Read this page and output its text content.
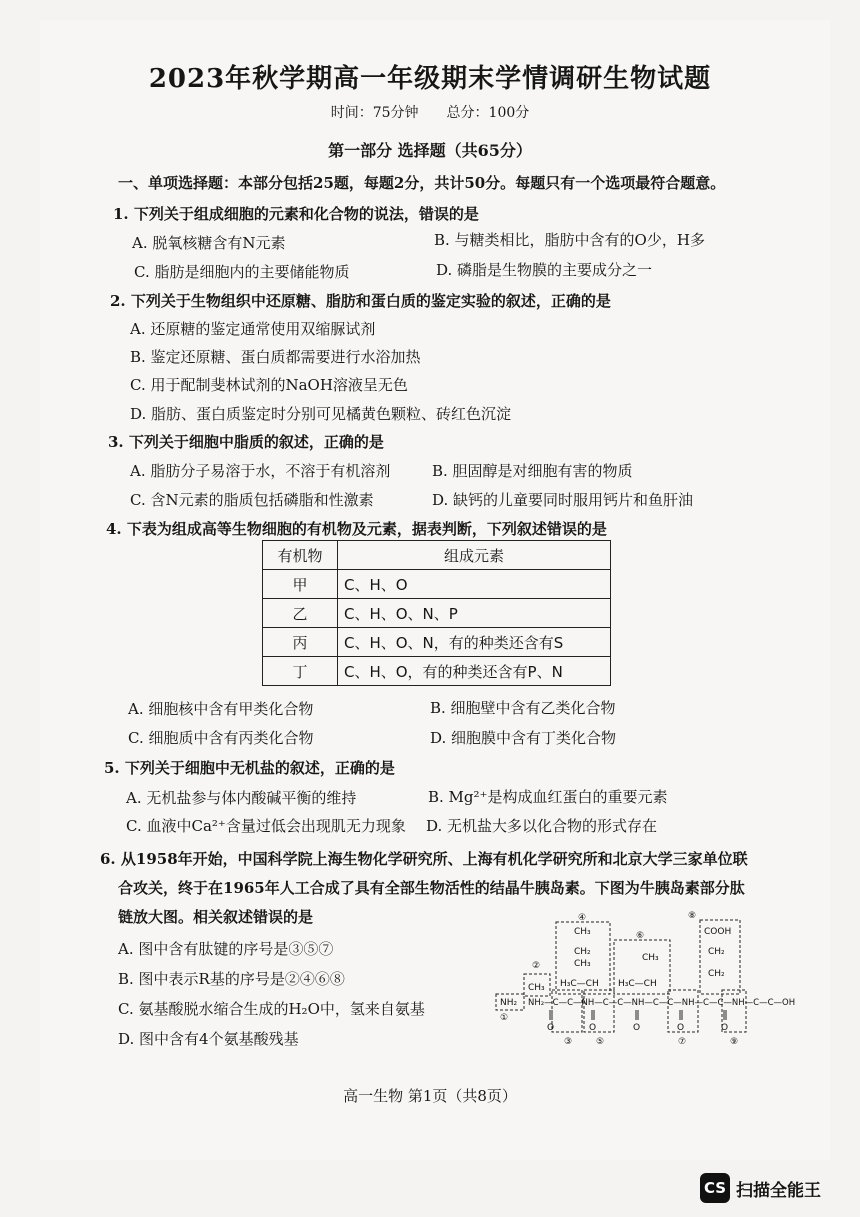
2023年秋学期高一年级期末学情调研生物试题
时间：75分钟　　总分：100分
第一部分 选择题（共65分）
一、单项选择题：本部分包括25题，每题2分，共计50分。每题只有一个选项最符合题意。
1. 下列关于组成细胞的元素和化合物的说法，错误的是
A. 脱氧核糖含有N元素	B. 与糖类相比，脂肪中含有的O少，H多
C. 脂肪是细胞内的主要储能物质	D. 磷脂是生物膜的主要成分之一
2. 下列关于生物组织中还原糖、脂肪和蛋白质的鉴定实验的叙述，正确的是
A. 还原糖的鉴定通常使用双缩脲试剂
B. 鉴定还原糖、蛋白质都需要进行水浴加热
C. 用于配制斐林试剂的NaOH溶液呈无色
D. 脂肪、蛋白质鉴定时分别可见橘黄色颗粒、砖红色沉淀
3. 下列关于细胞中脂质的叙述，正确的是
A. 脂肪分子易溶于水，不溶于有机溶剂	B. 胆固醇是对细胞有害的物质
C. 含N元素的脂质包括磷脂和性激素	D. 缺钙的儿童要同时服用钙片和鱼肝油
4. 下表为组成高等生物细胞的有机物及元素，据表判断，下列叙述错误的是
有机物	组成元素
甲	C、H、O
乙	C、H、O、N、P
丙	C、H、O、N，有的种类还含有S
丁	C、H、O，有的种类还含有P、N
A. 细胞核中含有甲类化合物	B. 细胞壁中含有乙类化合物
C. 细胞质中含有丙类化合物	D. 细胞膜中含有丁类化合物
5. 下列关于细胞中无机盐的叙述，正确的是
A. 无机盐参与体内酸碱平衡的维持	B. Mg²⁺是构成血红蛋白的重要元素
C. 血液中Ca²⁺含量过低会出现肌无力现象 D. 无机盐大多以化合物的形式存在
6. 从1958年开始，中国科学院上海生物化学研究所、上海有机化学研究所和北京大学三家单位联
合攻关，终于在1965年人工合成了具有全部生物活性的结晶牛胰岛素。下图为牛胰岛素部分肽
链放大图。相关叙述错误的是
A. 图中含有肽键的序号是③⑤⑦
B. 图中表示R基的序号是②④⑥⑧
C. 氨基酸脱水缩合生成的H₂O中，氢来自氨基
D. 图中含有4个氨基酸残基
NH₂
CH₃
CH₃
CH₂
CH₃
H₃C—CH
CH₃
H₃C—CH
COOH
CH₂
CH₂
NH₂—C—C—NH—C—C—NH—C—C—NH—C—C—NH—C—C—OH
O	O	O	O	O
①
②
③
④
⑤
⑥
⑦
⑧
⑨
高一生物 第1页（共8页）
CS 扫描全能王
